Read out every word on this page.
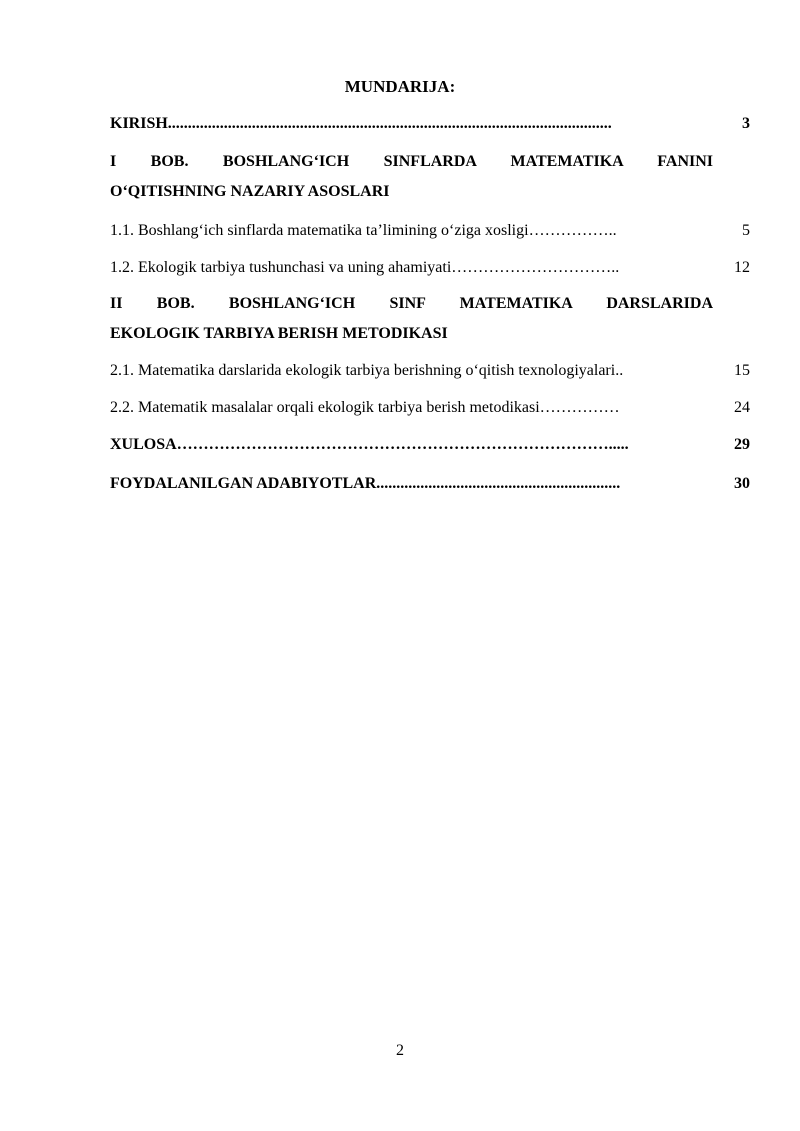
MUNDARIJA:
KIRISH...............................................................................................................	3
I BOB. BOSHLANG‘ICH SINFLARDA MATEMATIKA FANINI
O‘QITISHNING NAZARIY ASOSLARI
1.1. Boshlang‘ich sinflarda matematika ta’limining o‘ziga xosligi……………..	5
1.2. Ekologik tarbiya tushunchasi va uning ahamiyati…………………………..	12
II BOB. BOSHLANG‘ICH SINF MATEMATIKA DARSLARIDA
EKOLOGIK TARBIYA BERISH METODIKASI
2.1. Matematika darslarida ekologik tarbiya berishning o‘qitish texnologiyalari..	15
2.2. Matematik masalalar orqali ekologik tarbiya berish metodikasi……………	24
XULOSA……………………………………………………………………….....	29
FOYDALANILGAN ADABIYOTLAR.............................................................	30
2
